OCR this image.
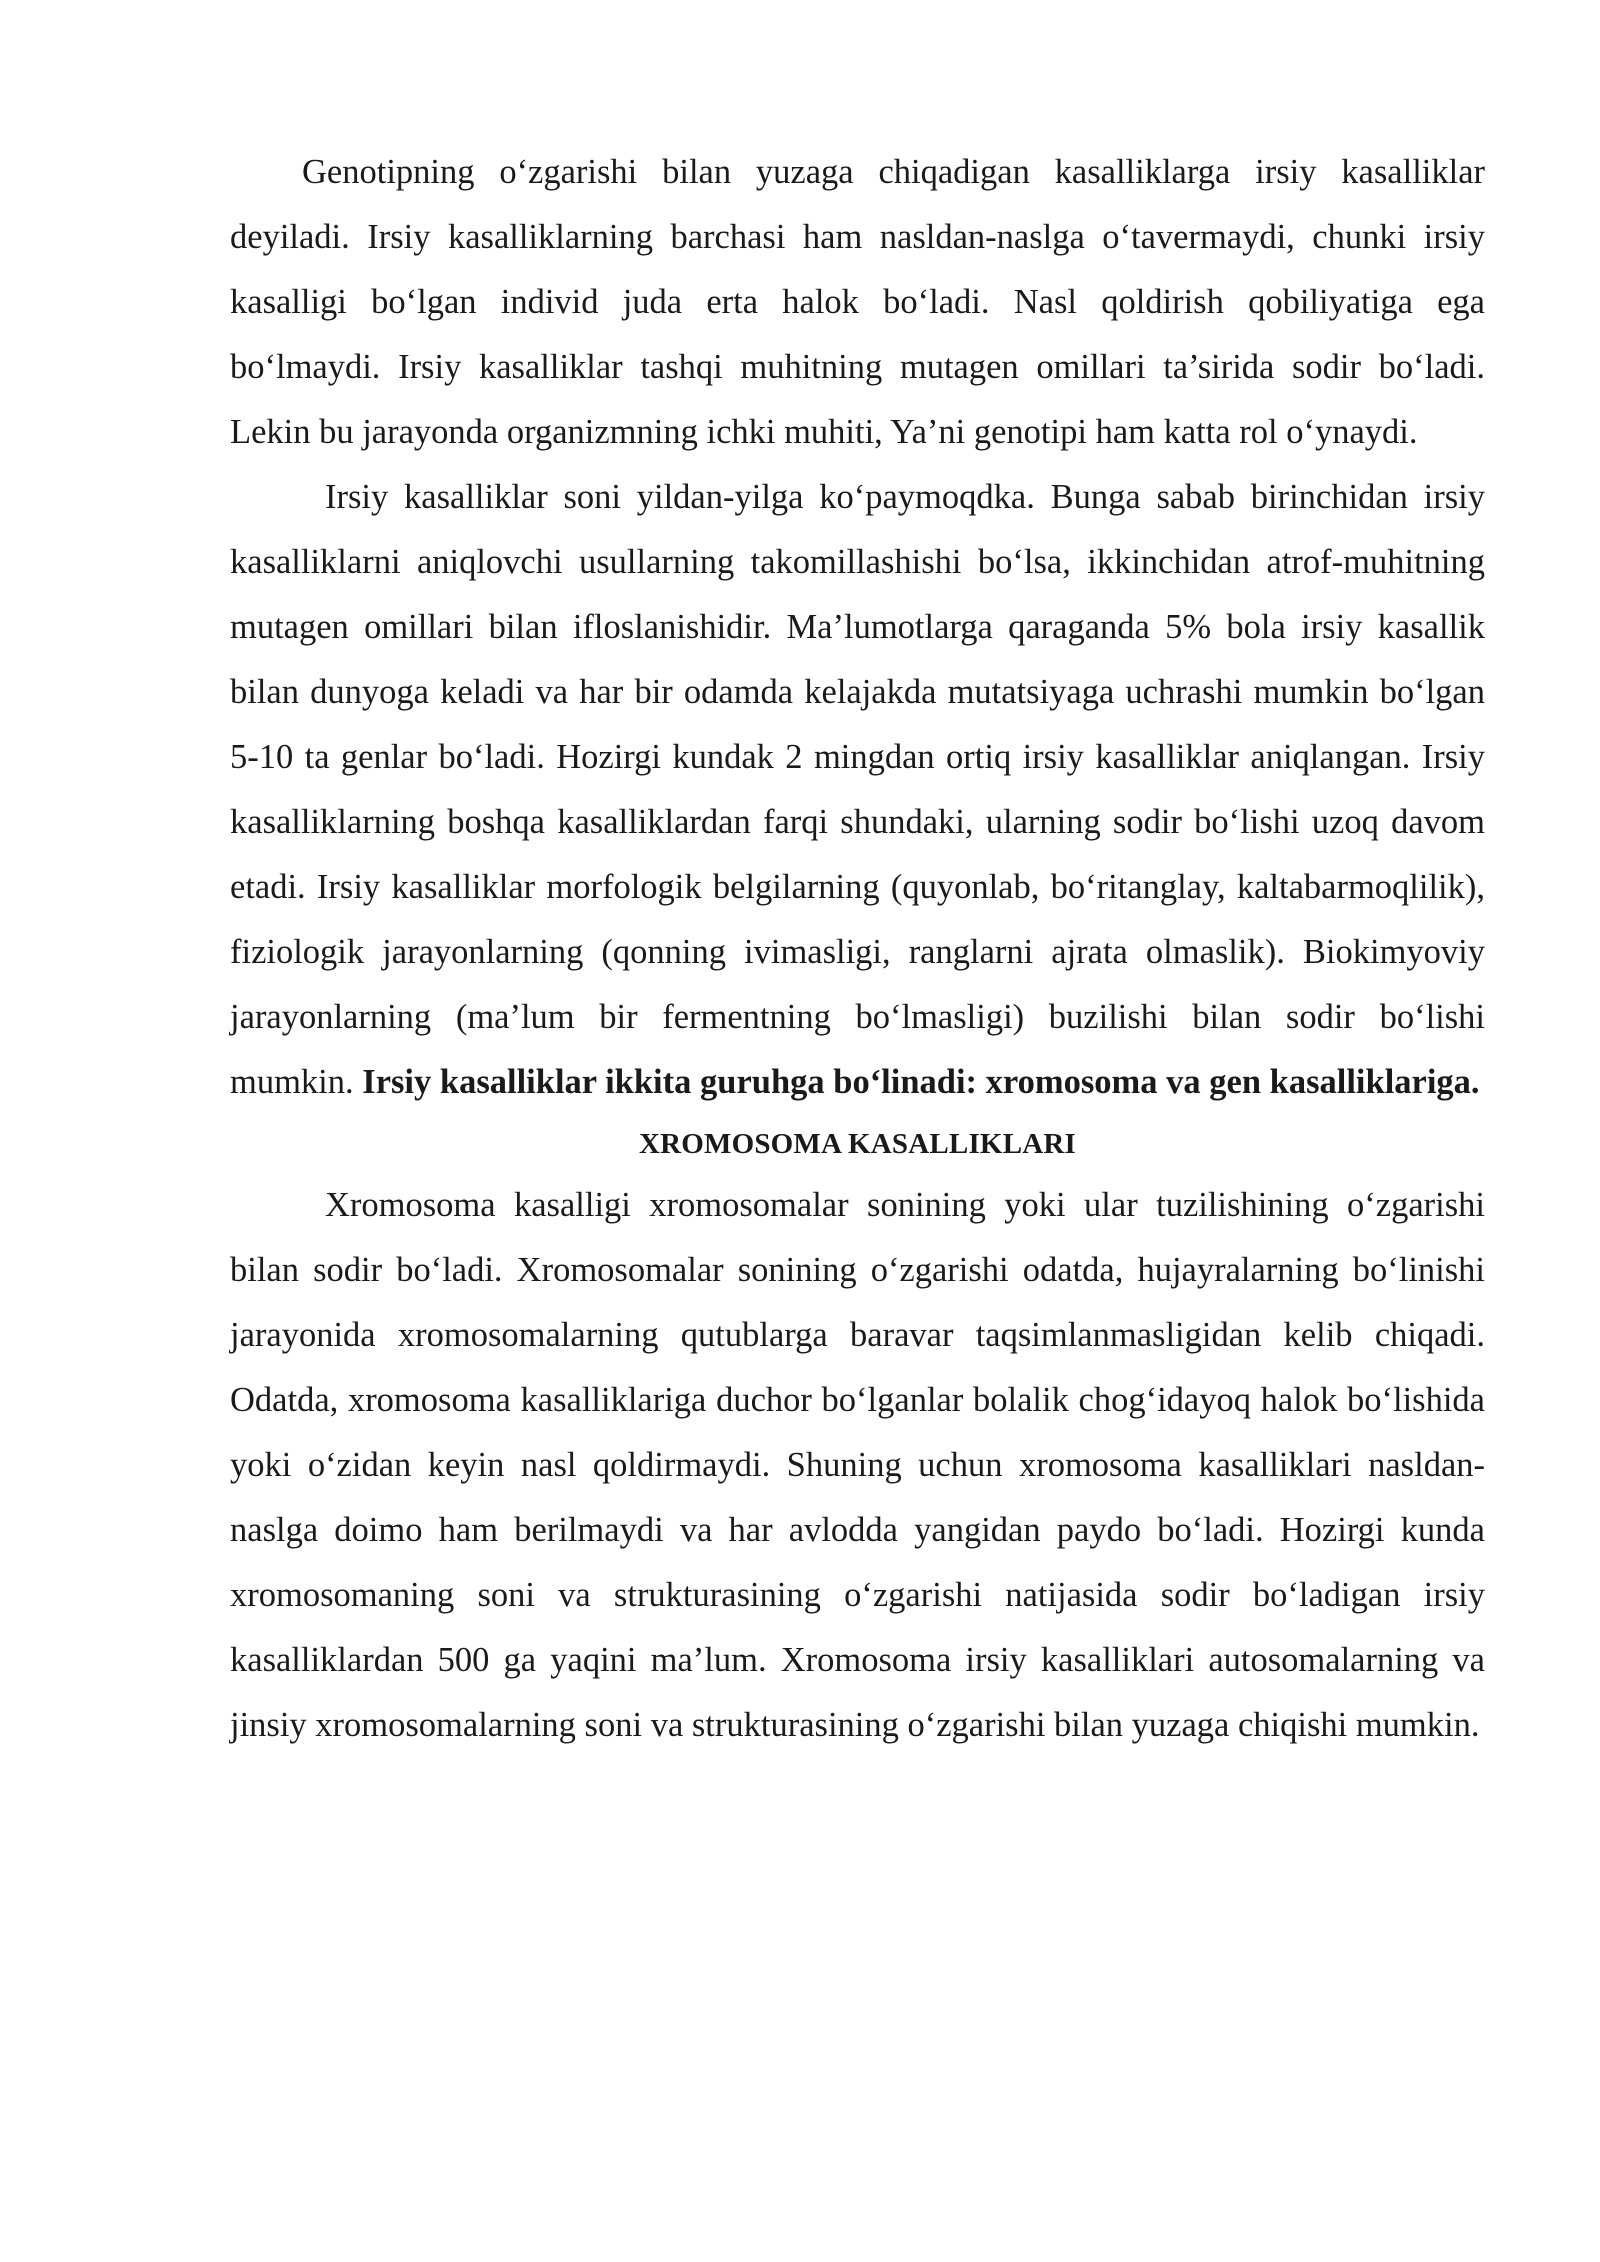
Genotipning o‘zgarishi bilan yuzaga chiqadigan kasalliklarga irsiy kasalliklar deyiladi. Irsiy kasalliklarning barchasi ham nasldan-naslga o‘tavermaydi, chunki irsiy kasalligi bo‘lgan individ juda erta halok bo‘ladi. Nasl qoldirish qobiliyatiga ega bo‘lmaydi. Irsiy kasalliklar tashqi muhitning mutagen omillari ta’sirida sodir bo‘ladi. Lekin bu jarayonda organizmning ichki muhiti, Ya’ni genotipi ham katta rol o‘ynaydi.

Irsiy kasalliklar soni yildan-yilga ko‘paymoqdka. Bunga sabab birinchidan irsiy kasalliklarni aniqlovchi usullarning takomillashishi bo‘lsa, ikkinchidan atrof-muhitning mutagen omillari bilan ifloslanishidir. Ma’lumotlarga qaraganda 5% bola irsiy kasallik bilan dunyoga keladi va har bir odamda kelajakda mutatsiyaga uchrashi mumkin bo‘lgan 5-10 ta genlar bo‘ladi. Hozirgi kundak 2 mingdan ortiq irsiy kasalliklar aniqlangan. Irsiy kasalliklarning boshqa kasalliklardan farqi shundaki, ularning sodir bo‘lishi uzoq davom etadi. Irsiy kasalliklar morfologik belgilarning (quyonlab, bo‘ritanglay, kaltabarmoqlilik), fiziologik jarayonlarning (qonning ivimasligi, ranglarni ajrata olmaslik). Biokimyoviy jarayonlarning (ma’lum bir fermentning bo‘lmasligi) buzilishi bilan sodir bo‘lishi mumkin. Irsiy kasalliklar ikkita guruhga bo‘linadi: xromosoma va gen kasalliklariga.

XROMOSOMA KASALLIKLARI

Xromosoma kasalligi xromosomalar sonining yoki ular tuzilishining o‘zgarishi bilan sodir bo‘ladi. Xromosomalar sonining o‘zgarishi odatda, hujayralarning bo‘linishi jarayonida xromosomalarning qutublarga baravar taqsimlanmasligidan kelib chiqadi. Odatda, xromosoma kasalliklariga duchor bo‘lganlar bolalik chog‘idayoq halok bo‘lishida yoki o‘zidan keyin nasl qoldirmaydi. Shuning uchun xromosoma kasalliklari nasldan-naslga doimo ham berilmaydi va har avlodda yangidan paydo bo‘ladi. Hozirgi kunda xromosomaning soni va strukturasining o‘zgarishi natijasida sodir bo‘ladigan irsiy kasalliklardan 500 ga yaqini ma’lum. Xromosoma irsiy kasalliklari autosomalarning va jinsiy xromosomalarning soni va strukturasining o‘zgarishi bilan yuzaga chiqishi mumkin.
